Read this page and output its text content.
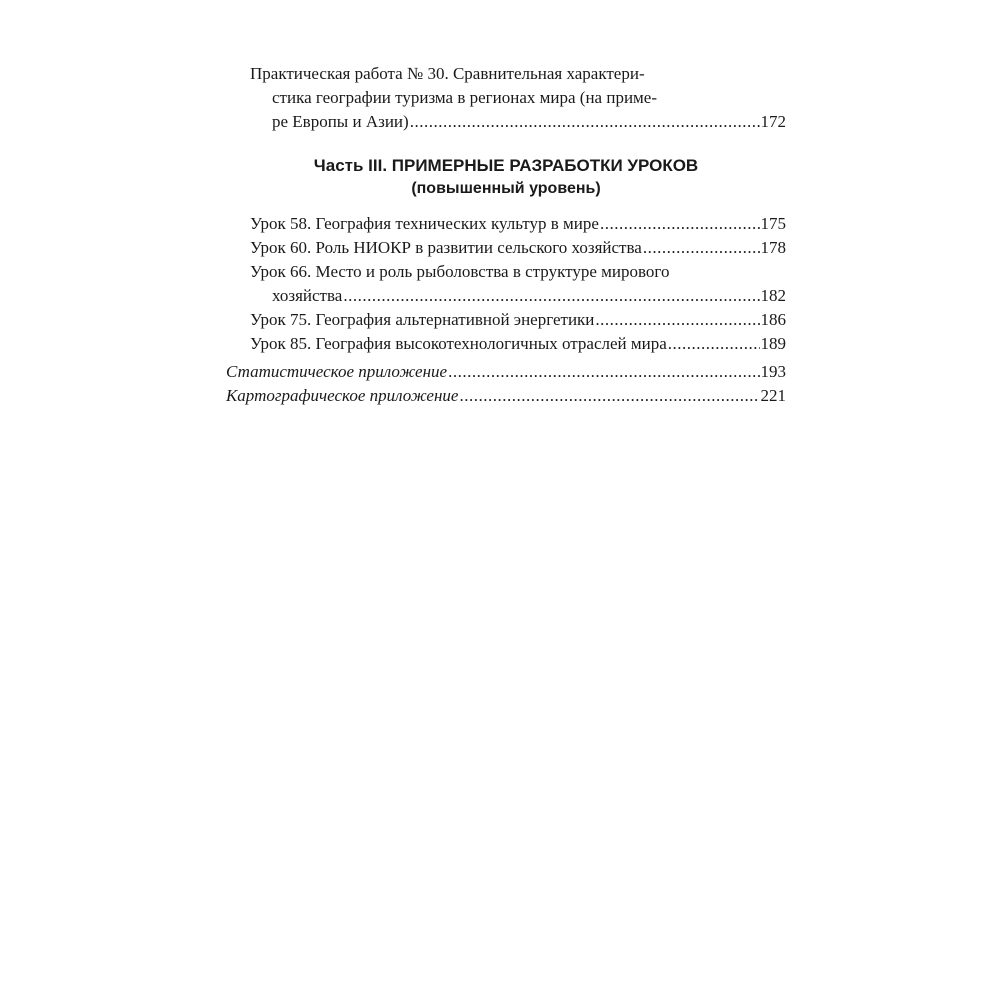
Практическая работа № 30. Сравнительная характери-
стика географии туризма в регионах мира (на приме-
ре Европы и Азии) .....	172
Часть III. ПРИМЕРНЫЕ РАЗРАБОТКИ УРОКОВ
(повышенный уровень)
Урок 58. География технических культур в мире .....	175
Урок 60. Роль НИОКР в развитии сельского хозяйства .....	178
Урок 66. Место и роль рыболовства в структуре мирового
хозяйства .....	182
Урок 75. География альтернативной энергетики .....	186
Урок 85. География высокотехнологичных отраслей мира .....	189
Статистическое приложение .....	193
Картографическое приложение .....	221
